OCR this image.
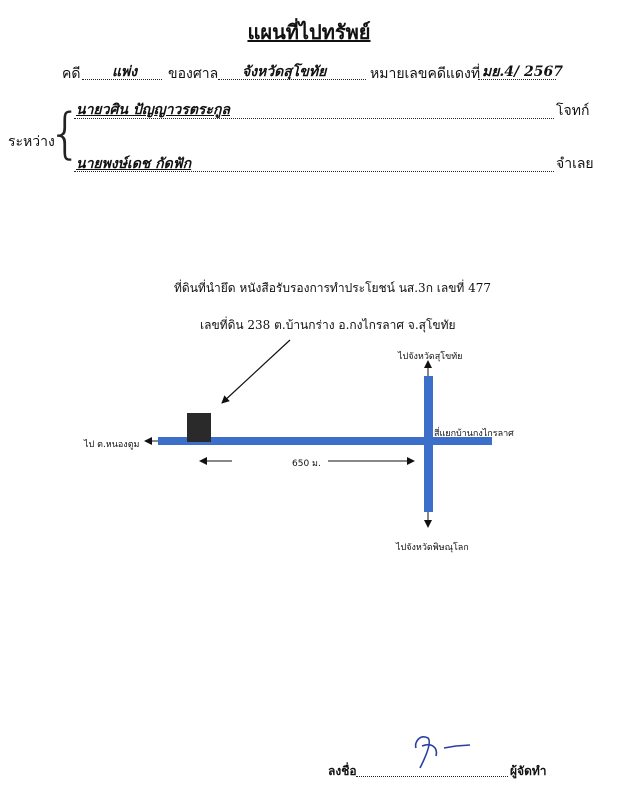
แผนที่ไปทรัพย์
คดี แพ่ง ของศาล จังหวัดสุโขทัย	หมายเลขคดีแดงที่ มย.4/ 2567
ระหว่าง
{
นายวศิน ปัญญาวรตระกูล	โจทก์
นายพงษ์เดช กัดฟัก	จำเลย
ที่ดินที่นำยึด หนังสือรับรองการทำประโยชน์ นส.3ก เลขที่ 477
เลขที่ดิน 238 ต.บ้านกร่าง อ.กงไกรลาศ จ.สุโขทัย
ไปจังหวัดสุโขทัย
ไปจังหวัดพิษณุโลก
ไป ต.หนองตูม
สี่แยกบ้านกงไกรลาศ
650 ม.
ลงชื่อ	ผู้จัดทำ
